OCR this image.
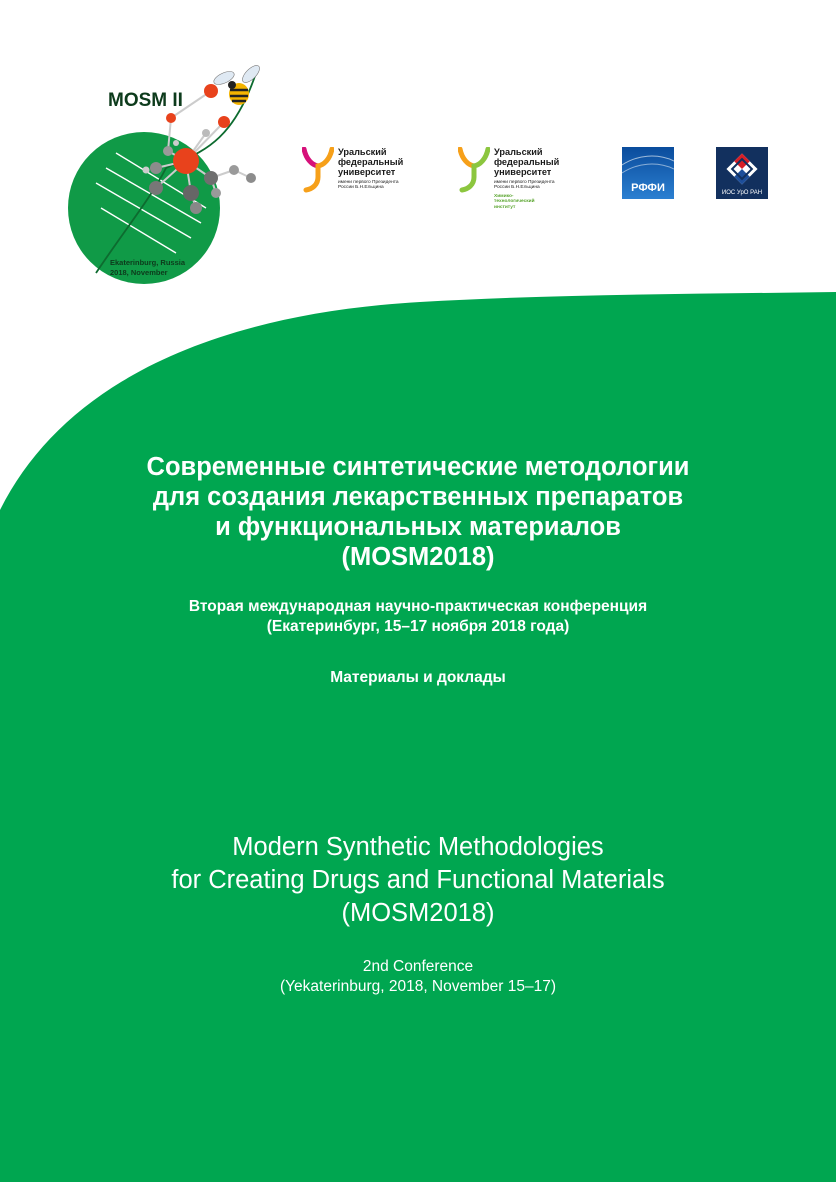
MOSM II
Ekaterinburg, Russia
2018, November
Уральский
федеральный
университет
имени первого Президента
России Б.Н.Ельцина
Уральский
федеральный
университет
имени первого Президента
России Б.Н.Ельцина
Химико-
технологический
институт
РФФИ	ИОС УрО РАН
Современные синтетические методологии
для создания лекарственных препаратов
и функциональных материалов
(MOSM2018)
Вторая международная научно-практическая конференция
(Екатеринбург, 15–17 ноября 2018 года)
Материалы и доклады
Modern Synthetic Methodologies
for Creating Drugs and Functional Materials
(MOSM2018)
2nd Conference
(Yekaterinburg, 2018, November 15–17)
